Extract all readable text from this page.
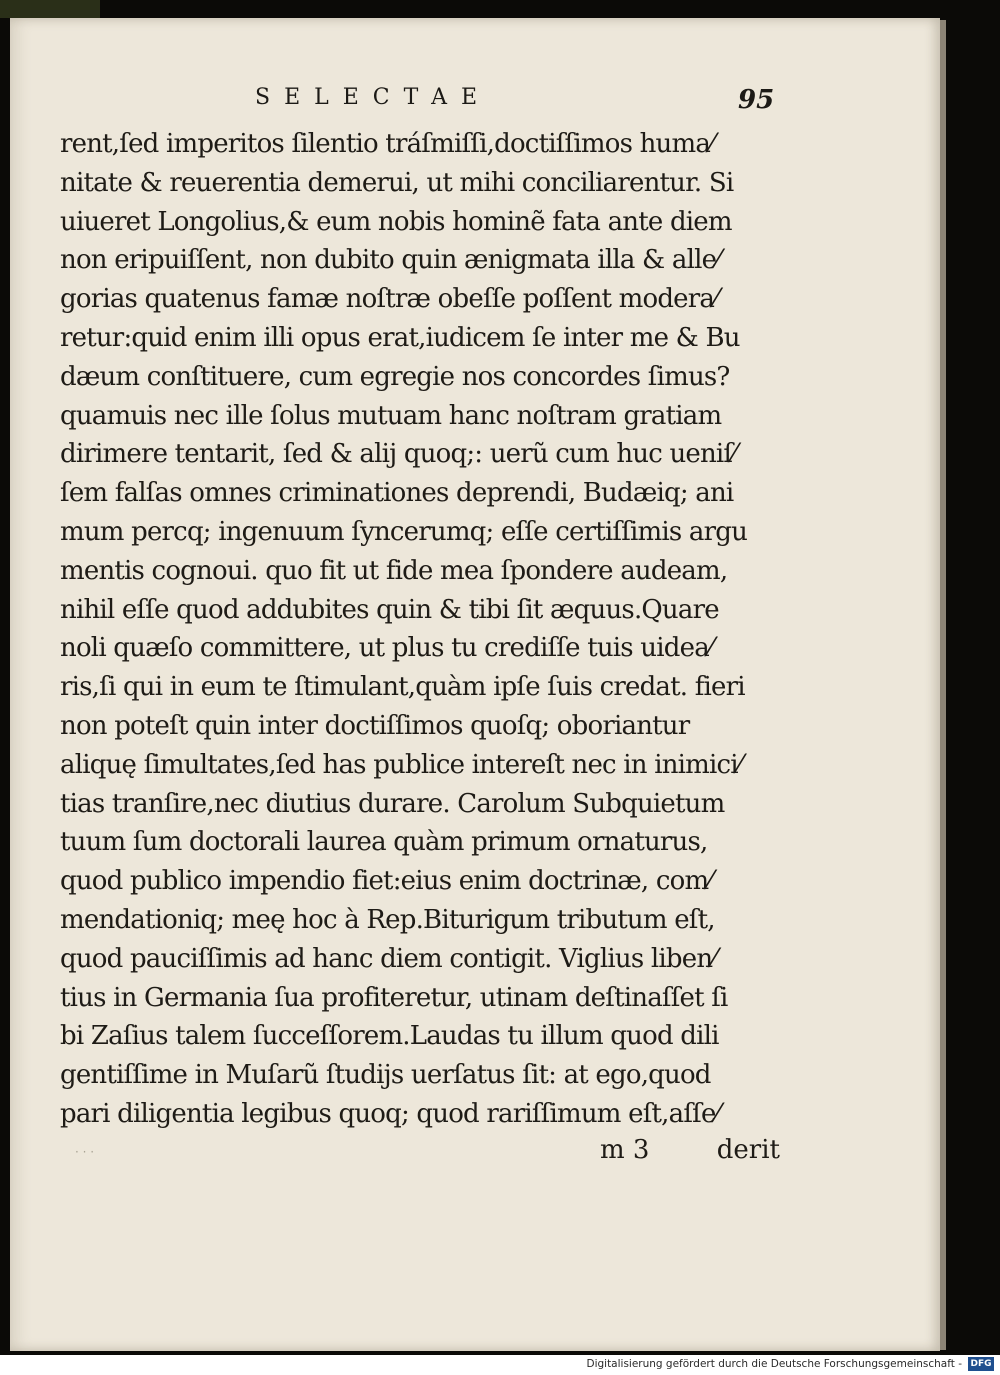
SELECTAE	95
rent,ſed imperitos ſilentio tráſmiſſi,doctiſſimos huma⁄
nitate & reuerentia demerui, ut mihi conciliarentur. Si
uiueret Longolius,& eum nobis hominẽ fata ante diem
non eripuiſſent, non dubito quin ænigmata illa & alle⁄
gorias quatenus famæ noſtræ obeſſe poſſent modera⁄
retur:quid enim illi opus erat,iudicem ſe inter me & Bu
dæum conſtituere, cum egregie nos concordes ſimus?
quamuis nec ille ſolus mutuam hanc noſtram gratiam
dirimere tentarit, ſed & alij quoq;: uerũ cum huc ueniſ⁄
ſem falſas omnes criminationes deprendi, Budæiq; ani
mum percq; ingenuum ſyncerumq; eſſe certiſſimis argu
mentis cognoui. quo fit ut fide mea ſpondere audeam,
nihil eſſe quod addubites quin & tibi ſit æquus.Quare
noli quæſo committere, ut plus tu crediſſe tuis uidea⁄
ris,ſi qui in eum te ſtimulant,quàm ipſe ſuis credat. fieri
non poteſt quin inter doctiſſimos quoſq; oboriantur
aliquę ſimultates,ſed has publice intereſt nec in inimici⁄
tias tranſire,nec diutius durare. Carolum Subquietum
tuum ſum doctorali laurea quàm primum ornaturus,
quod publico impendio fiet:eius enim doctrinæ, com⁄
mendationiq; meę hoc à Rep.Biturigum tributum eſt,
quod pauciſſimis ad hanc diem contigit. Viglius liben⁄
tius in Germania ſua profiteretur, utinam deſtinaſſet ſi
bi Zaſius talem ſucceſſorem.Laudas tu illum quod dili
gentiſſime in Muſarũ ſtudijs uerſatus ſit: at ego,quod
pari diligentia legibus quoq; quod rariſſimum eſt,aſſe⁄
· · ·	m 3	derit
Digitalisierung gefördert durch die Deutsche Forschungsgemeinschaft - DFG
